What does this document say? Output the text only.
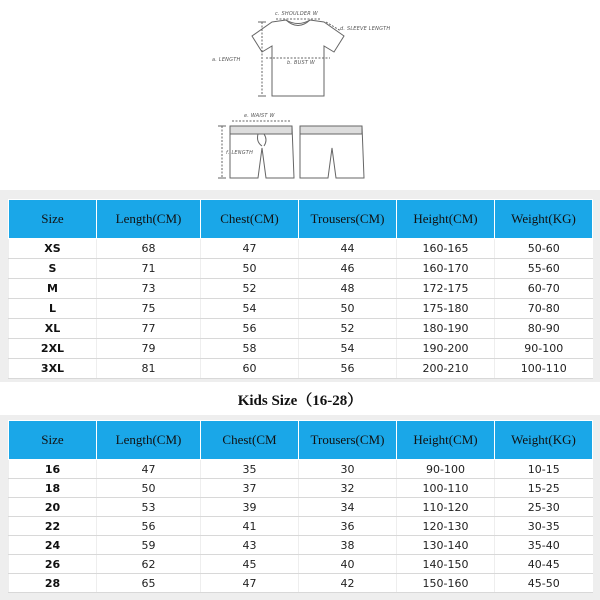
c. SHOULDER W
d. SLEEVE LENGTH
a. LENGTH	b. BUST W
e. WAIST W
f. LENGTH
Size	Length(CM)	Chest(CM)	Trousers(CM)	Height(CM)	Weight(KG)
XS	68	47	44	160-165	50-60
S	71	50	46	160-170	55-60
M	73	52	48	172-175	60-70
L	75	54	50	175-180	70-80
XL	77	56	52	180-190	80-90
2XL	79	58	54	190-200	90-100
3XL	81	60	56	200-210	100-110
Kids Size（16-28）
Size	Length(CM)	Chest(CM	Trousers(CM)	Height(CM)	Weight(KG)
16	47	35	30	90-100	10-15
18	50	37	32	100-110	15-25
20	53	39	34	110-120	25-30
22	56	41	36	120-130	30-35
24	59	43	38	130-140	35-40
26	62	45	40	140-150	40-45
28	65	47	42	150-160	45-50
